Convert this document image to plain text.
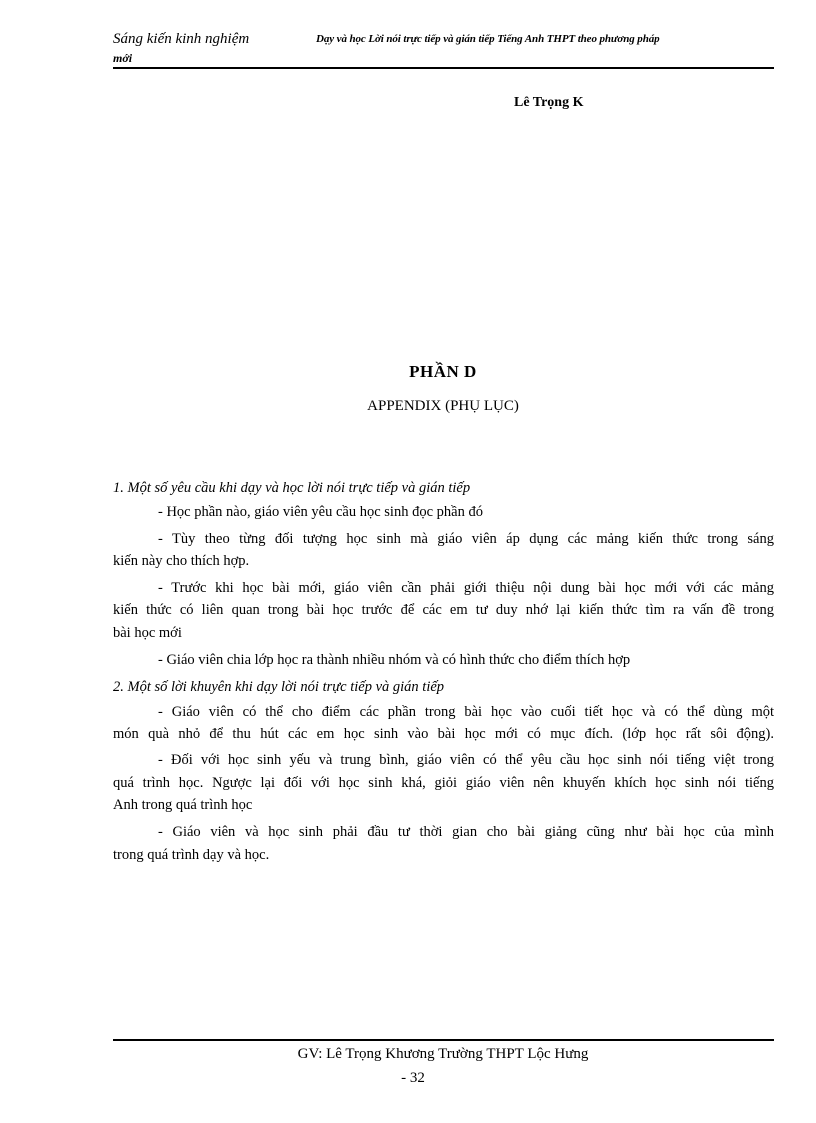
Sáng kiến kinh nghiệm
mới
Dạy và học Lời nói trực tiếp và gián tiếp Tiếng Anh THPT theo phương pháp
Lê Trọng K
PHẦN D
APPENDIX (PHỤ LỤC)
1. Một số yêu cầu khi dạy và học lời nói trực tiếp và gián tiếp
- Học phần nào, giáo viên yêu cầu học sinh đọc phần đó
- Tùy theo từng đối tượng học sinh mà giáo viên áp dụng các mảng kiến thức trong sáng
kiến này cho thích hợp.
- Trước khi học bài mới, giáo viên cần phải giới thiệu nội dung bài học mới với các mảng
kiến thức có liên quan trong bài học trước để các em tư duy nhớ lại kiến thức tìm ra vấn đề trong
bài học mới
- Giáo viên chia lớp học ra thành nhiều nhóm và có hình thức cho điểm thích hợp
2. Một số lời khuyên khi dạy lời nói trực tiếp và gián tiếp
- Giáo viên có thể cho điểm các phần trong bài học vào cuối tiết học và có thể dùng một
món quà nhỏ để thu hút các em học sinh vào bài học mới có mục đích. (lớp học rất sôi động).
- Đối với học sinh yếu và trung bình, giáo viên có thể yêu cầu học sinh nói tiếng việt trong
quá trình học. Ngược lại đối với học sinh khá, giỏi giáo viên nên khuyến khích học sinh nói tiếng
Anh trong quá trình học
- Giáo viên và học sinh phải đầu tư thời gian cho bài giảng cũng như bài học của mình
trong quá trình dạy và học.
GV: Lê Trọng Khương Trường THPT Lộc Hưng
- 32
